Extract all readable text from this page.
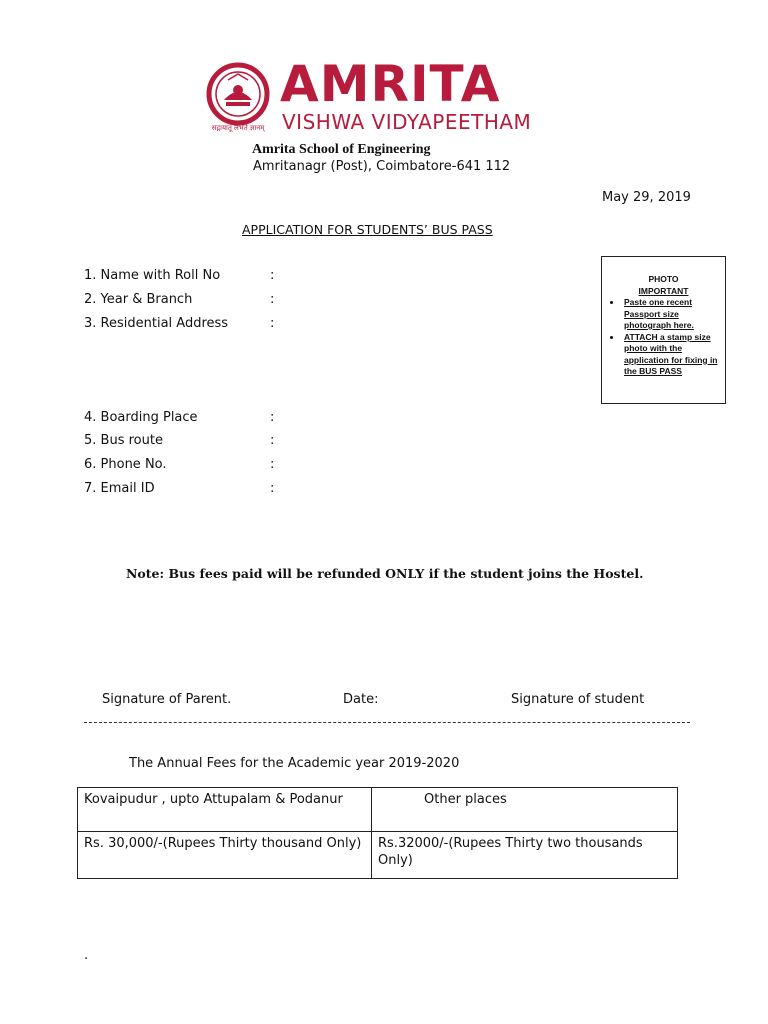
सद्गायातूं लभते ज्ञानम्
AMRITA
VISHWA VIDYAPEETHAM
Amrita School of Engineering
Amritanagr (Post), Coimbatore-641 112
May 29, 2019
APPLICATION FOR STUDENTS’ BUS PASS
1. Name with Roll No	:
2. Year & Branch	:
3. Residential Address	:
4. Boarding Place	:
5. Bus route	:
6. Phone No.	:
7. Email ID	:
PHOTO
IMPORTANT
• Paste one recent Passport size photograph here.
• ATTACH a stamp size photo with the application for fixing in the BUS PASS
Note: Bus fees paid will be refunded ONLY if the student joins the Hostel.
Signature of Parent.	Date:	Signature of student
The Annual Fees for the Academic year 2019-2020
Kovaipudur , upto Attupalam & Podanur	Other places
Rs. 30,000/-(Rupees Thirty thousand Only)	Rs.32000/-(Rupees Thirty two thousands Only)
.
